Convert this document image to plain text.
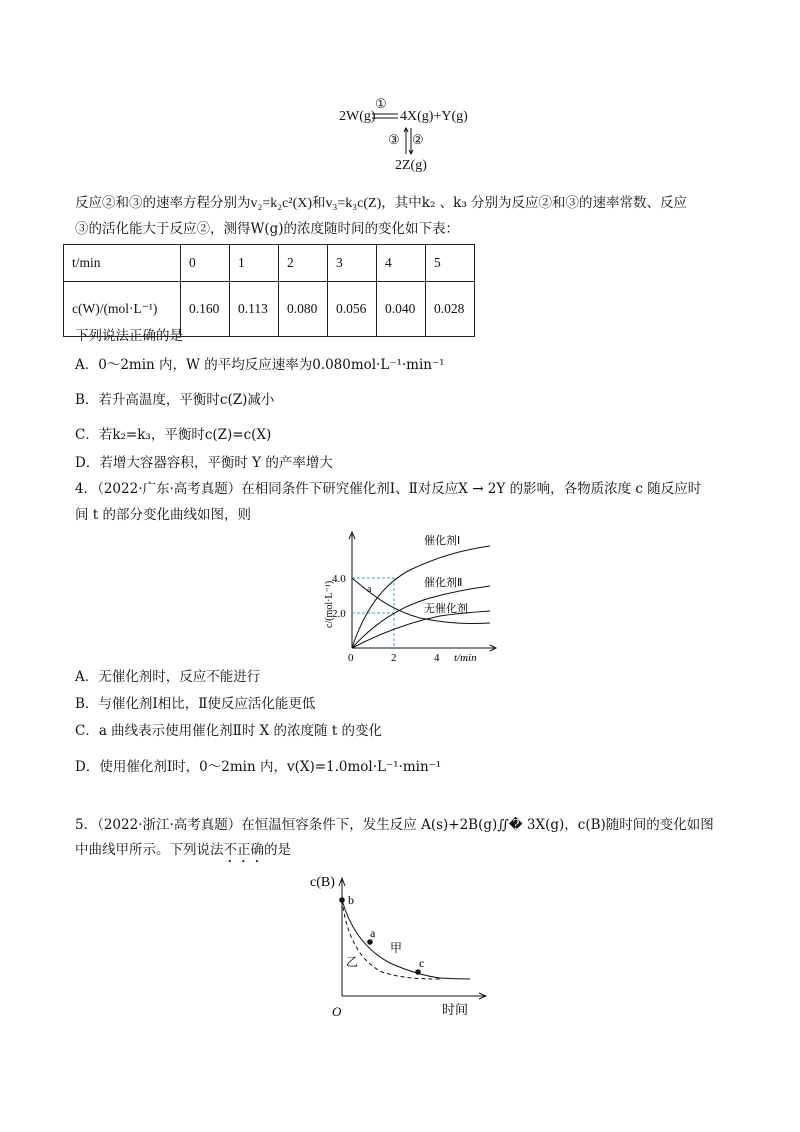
2W(g)
①
4X(g)+Y(g)
③ ②
2Z(g)
反应②和③的速率方程分别为v₂=k₂c²(X)和v₃=k₃c(Z)，其中k₂ 、k₃ 分别为反应②和③的速率常数、反应
③的活化能大于反应②，测得W(g)的浓度随时间的变化如下表：
t/min	0	1	2	3	4	5
c(W)/(mol·L⁻¹)	0.160	0.113	0.080	0.056	0.040	0.028
下列说法正确的是
A．0～2min 内，W 的平均反应速率为0.080mol·L⁻¹·min⁻¹
B．若升高温度，平衡时c(Z)减小
C．若k₂=k₃，平衡时c(Z)=c(X)
D．若增大容器容积，平衡时 Y 的产率增大
4．（2022·广东·高考真题）在相同条件下研究催化剂Ⅰ、Ⅱ对反应X → 2Y 的影响，各物质浓度 c 随反应时
间 t 的部分变化曲线如图，则
4.0
2.0
0	2	4 t/min
c/(mol·L⁻¹)
催化剂Ⅰ
催化剂Ⅱ
无催化剂
a
A．无催化剂时，反应不能进行
B．与催化剂Ⅰ相比，Ⅱ使反应活化能更低
C．a 曲线表示使用催化剂Ⅱ时 X 的浓度随 t 的变化
D．使用催化剂Ⅰ时，0～2min 内，v(X)=1.0mol·L⁻¹·min⁻¹
5．（2022·浙江·高考真题）在恒温恒容条件下，发生反应 A(s)+2B(g)∬� 3X(g)，c(B)随时间的变化如图
中曲线甲所示。下列说法不正确的是
c(B)
时间
O
b
a
c
甲
乙
